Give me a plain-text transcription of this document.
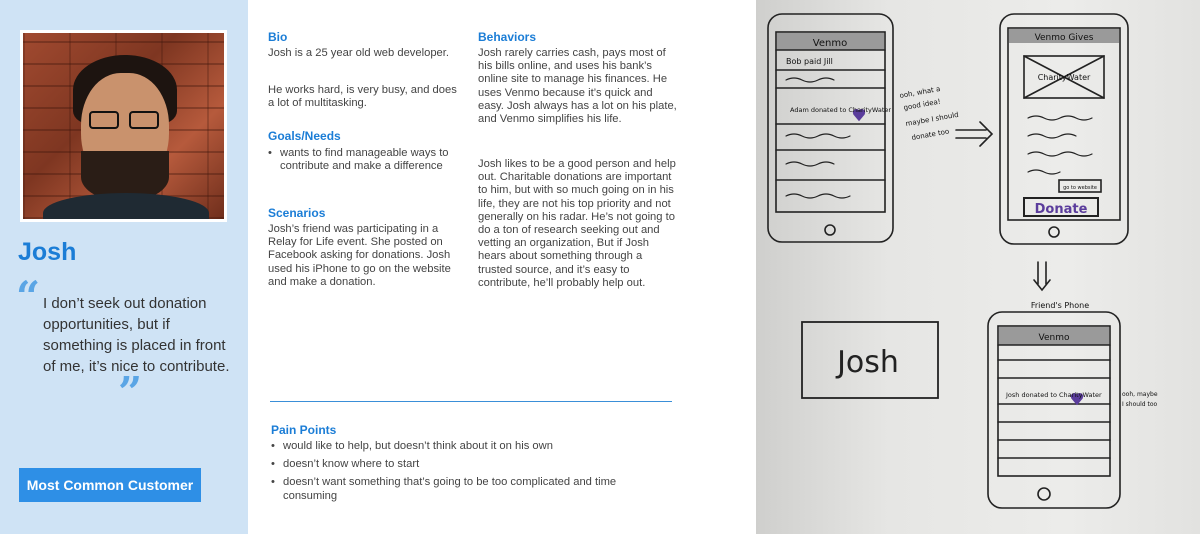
Josh
“ I don’t seek out donation opportunities, but if something is placed in front of me, it’s nice to contribute.
”
Most Common Customer
Bio
Josh is a 25 year old web developer.
He works hard, is very busy, and does a lot of multitasking.
Goals/Needs
• wants to find manageable ways to contribute and make a difference
Scenarios
Josh’s friend was participating in a Relay for Life event. She posted on Facebook asking for donations. Josh used his iPhone to go on the website and make a donation.
Behaviors
Josh rarely carries cash, pays most of his bills online, and uses his bank’s online site to manage his finances. He uses Venmo because it’s quick and easy. Josh always has a lot on his plate, and Venmo simplifies his life.
Josh likes to be a good person and help out. Charitable donations are important to him, but with so much going on in his life, they are not his top priority and not generally on his radar. He’s not going to do a ton of research seeking out and vetting an organization, But if Josh hears about something through a trusted source, and it’s easy to contribute, he’ll probably help out.
Pain Points
• would like to help, but doesn’t think about it on his own
• doesn’t know where to start
• doesn’t want something that’s going to be too complicated and time consuming
Venmo
Bob paid Jill
Adam donated to CharityWater
ooh, what a
good idea!
maybe I should
donate too
Venmo Gives
CharityWater
go to website
Donate
Friend's Phone
Josh
Venmo
Josh donated to CharityWater	ooh, maybe
I should too
